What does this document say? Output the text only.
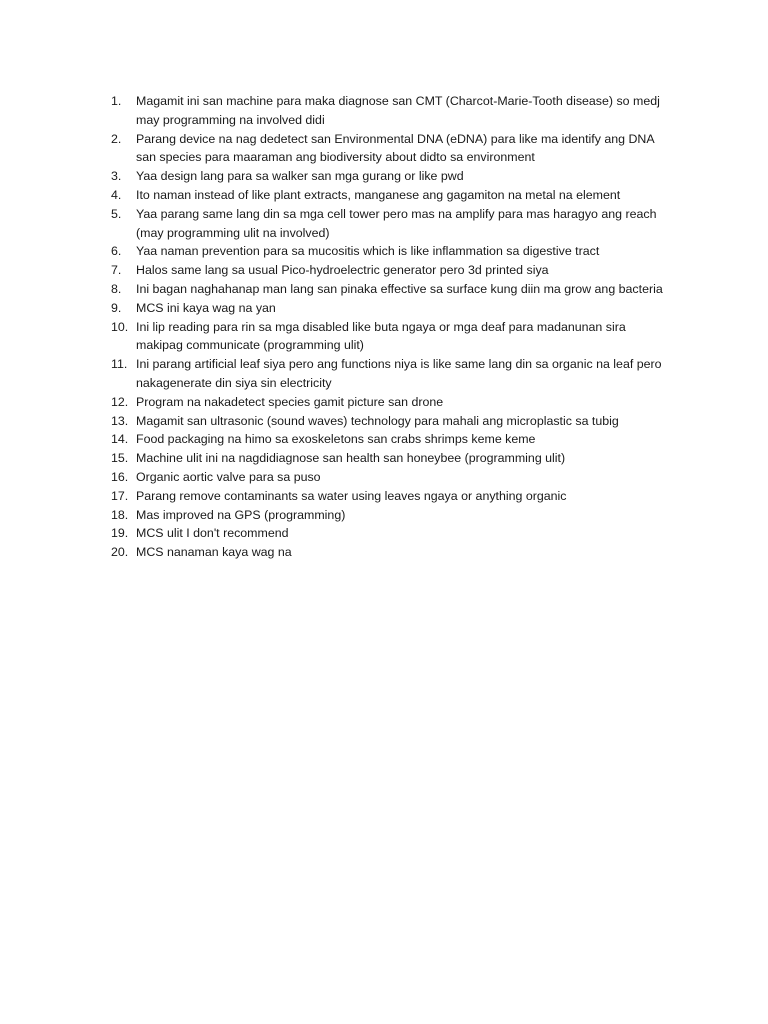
1.	Magamit ini san machine para maka diagnose san CMT (Charcot-Marie-Tooth disease) so medj may programming na involved didi
2.	Parang device na nag dedetect san Environmental DNA (eDNA) para like ma identify ang DNA san species para maaraman ang biodiversity about didto sa environment
3.	Yaa design lang para sa walker san mga gurang or like pwd
4.	Ito naman instead of like plant extracts, manganese ang gagamiton na metal na element
5.	Yaa parang same lang din sa mga cell tower pero mas na amplify para mas haragyo ang reach (may programming ulit na involved)
6.	Yaa naman prevention para sa mucositis which is like inflammation sa digestive tract
7.	Halos same lang sa usual Pico-hydroelectric generator pero 3d printed siya
8.	Ini bagan naghahanap man lang san pinaka effective sa surface kung diin ma grow ang bacteria
9.	MCS ini kaya wag na yan
10. Ini lip reading para rin sa mga disabled like buta ngaya or mga deaf para madanunan sira makipag communicate (programming ulit)
11. Ini parang artificial leaf siya pero ang functions niya is like same lang din sa organic na leaf pero nakagenerate din siya sin electricity
12. Program na nakadetect species gamit picture san drone
13. Magamit san ultrasonic (sound waves) technology para mahali ang microplastic sa tubig
14. Food packaging na himo sa exoskeletons san crabs shrimps keme keme
15. Machine ulit ini na nagdidiagnose san health san honeybee (programming ulit)
16. Organic aortic valve para sa puso
17. Parang remove contaminants sa water using leaves ngaya or anything organic
18. Mas improved na GPS (programming)
19. MCS ulit I don't recommend
20. MCS nanaman kaya wag na
